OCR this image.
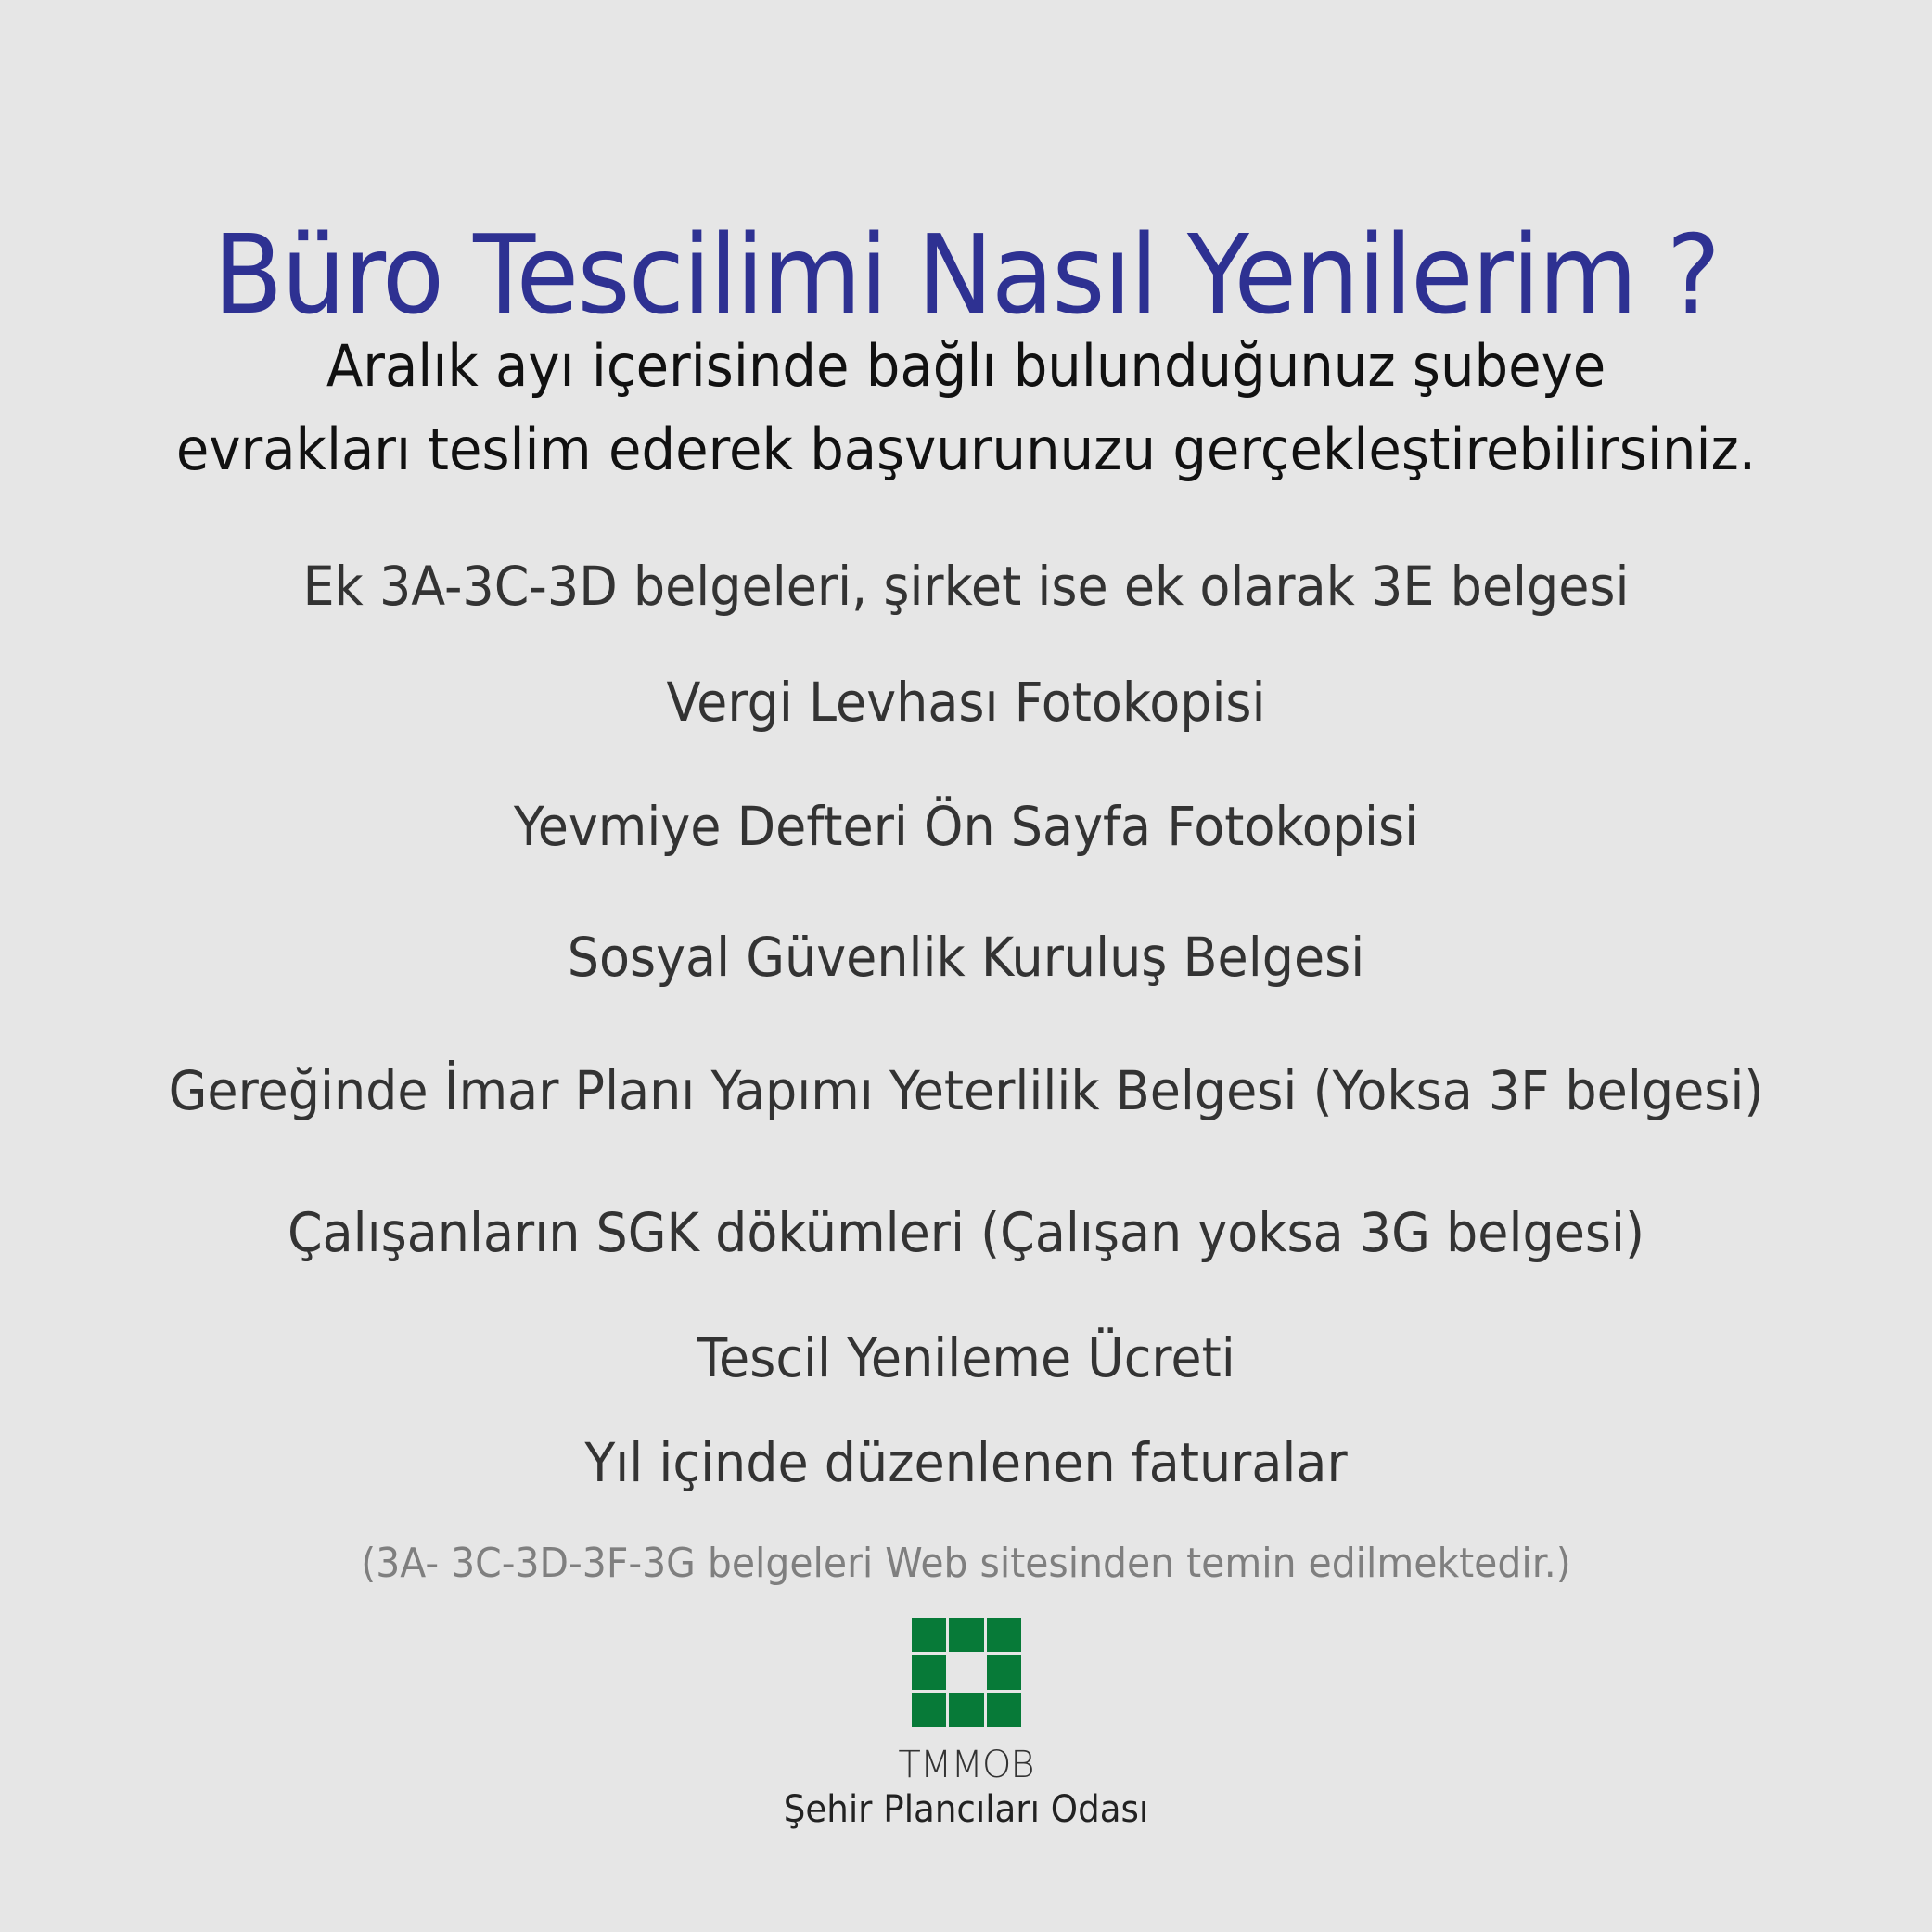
Büro Tescilimi Nasıl Yenilerim ?
Aralık ayı içerisinde bağlı bulunduğunuz şubeye
evrakları teslim ederek başvurunuzu gerçekleştirebilirsiniz.
Ek 3A-3C-3D belgeleri, şirket ise ek olarak 3E belgesi
Vergi Levhası Fotokopisi
Yevmiye Defteri Ön Sayfa Fotokopisi
Sosyal Güvenlik Kuruluş Belgesi
Gereğinde İmar Planı Yapımı Yeterlilik Belgesi (Yoksa 3F belgesi)
Çalışanların SGK dökümleri (Çalışan yoksa 3G belgesi)
Tescil Yenileme Ücreti
Yıl içinde düzenlenen faturalar
(3A- 3C-3D-3F-3G belgeleri Web sitesinden temin edilmektedir.)
TMMOB
Şehir Plancıları Odası
